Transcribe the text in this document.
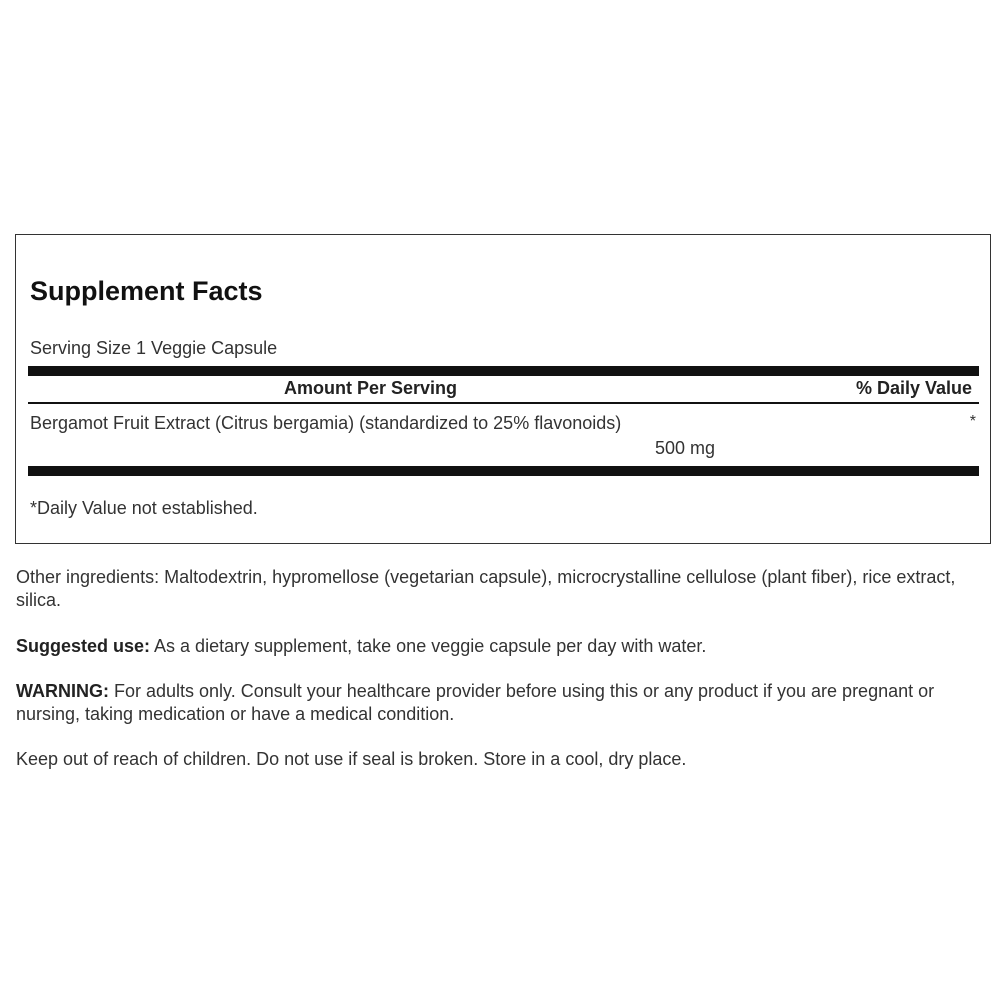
Supplement Facts
Serving Size 1 Veggie Capsule
Amount Per Serving	% Daily Value
Bergamot Fruit Extract (Citrus bergamia) (standardized to 25% flavonoids)
500 mg
*
*Daily Value not established.

Other ingredients: Maltodextrin, hypromellose (vegetarian capsule), microcrystalline cellulose (plant fiber), rice extract, silica.

Suggested use: As a dietary supplement, take one veggie capsule per day with water.

WARNING: For adults only. Consult your healthcare provider before using this or any product if you are pregnant or nursing, taking medication or have a medical condition.

Keep out of reach of children. Do not use if seal is broken. Store in a cool, dry place.
